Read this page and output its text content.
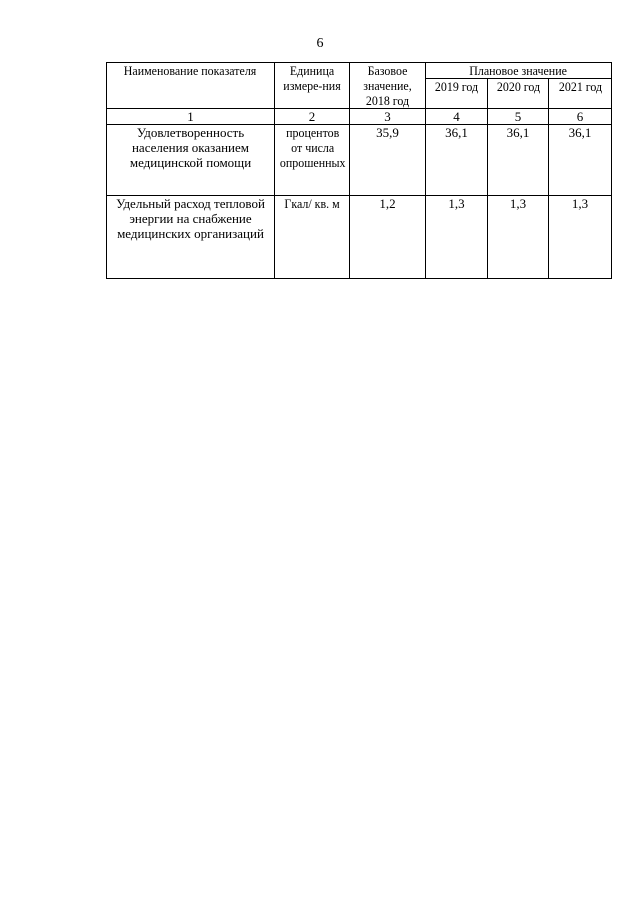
6
Наименование показателя	Единица измере-ния	Базовое значение, 2018 год	Плановое значение		
			2019 год	2020 год	2021 год
1	2	3	4	5	6
Удовлетворенность населения оказанием медицинской помощи	процентов от числа опрошенных	35,9	36,1	36,1	36,1
Удельный расход тепловой энергии на снабжение медицинских организаций	Гкал/ кв. м	1,2	1,3	1,3	1,3
